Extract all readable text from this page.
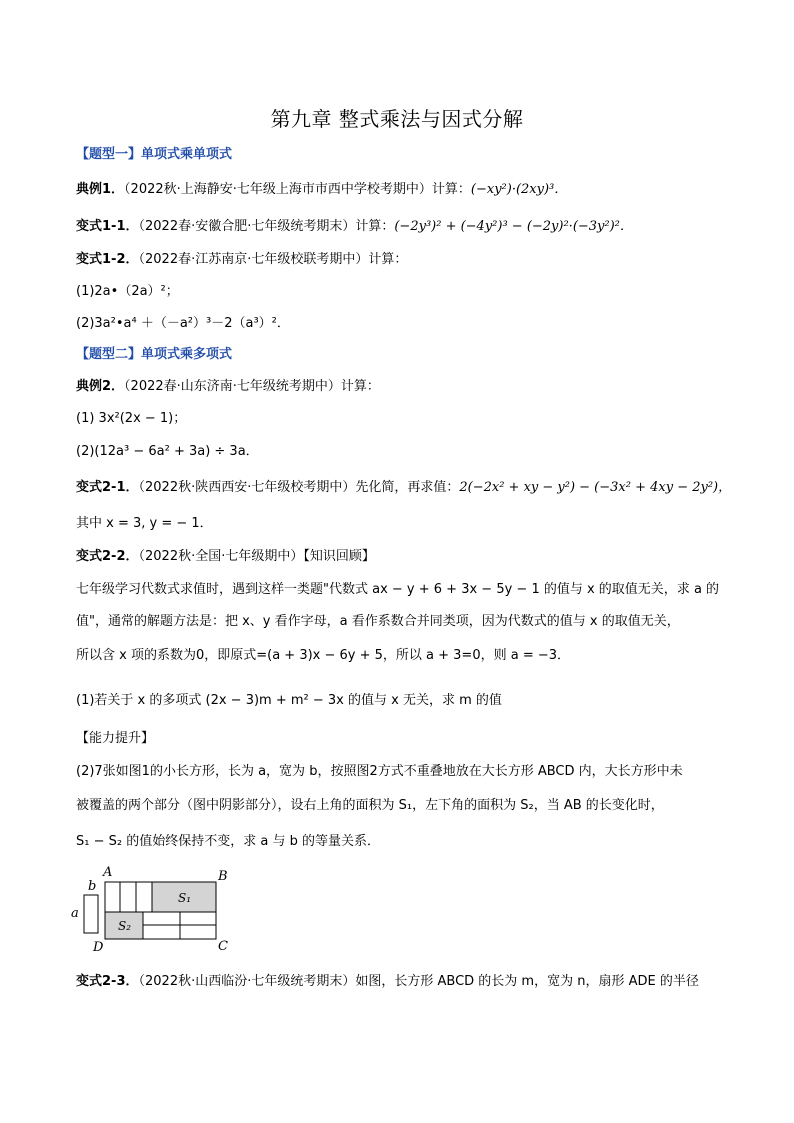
第九章 整式乘法与因式分解
【题型一】单项式乘单项式
典例1．（2022秋·上海静安·七年级上海市市西中学校考期中）计算：(−xy²)·(2xy)³．
变式1-1．（2022春·安徽合肥·七年级统考期末）计算：(−2y³)² + (−4y²)³ − (−2y)²·(−3y²)²．
变式1-2．（2022春·江苏南京·七年级校联考期中）计算：
(1)2a•（2a）²；
(2)3a²•a⁴ ＋（－a²）³－2（a³）²．
【题型二】单项式乘多项式
典例2．（2022春·山东济南·七年级统考期中）计算：
(1) 3x²(2x − 1)；
(2)(12a³ − 6a² + 3a) ÷ 3a．
变式2-1．（2022秋·陕西西安·七年级校考期中）先化简，再求值：2(−2x² + xy − y²) − (−3x² + 4xy − 2y²)，
其中 x = 3, y = − 1．
变式2-2．（2022秋·全国·七年级期中）【知识回顾】
七年级学习代数式求值时，遇到这样一类题"代数式 ax − y + 6 + 3x − 5y − 1 的值与 x 的取值无关，求 a 的
值"，通常的解题方法是：把 x、y 看作字母，a 看作系数合并同类项，因为代数式的值与 x 的取值无关，
所以含 x 项的系数为0，即原式=(a + 3)x − 6y + 5，所以 a + 3=0，则 a = −3．
(1)若关于 x 的多项式 (2x − 3)m + m² − 3x 的值与 x 无关，求 m 的值
【能力提升】
(2)7张如图1的小长方形，长为 a，宽为 b，按照图2方式不重叠地放在大长方形 ABCD 内，大长方形中未
被覆盖的两个部分（图中阴影部分），设右上角的面积为 S₁，左下角的面积为 S₂，当 AB 的长变化时，
S₁ − S₂ 的值始终保持不变，求 a 与 b 的等量关系．
a
b
S₁
S₂
A	B
C
D
变式2-3．（2022秋·山西临汾·七年级统考期末）如图，长方形 ABCD 的长为 m，宽为 n，扇形 ADE 的半径
